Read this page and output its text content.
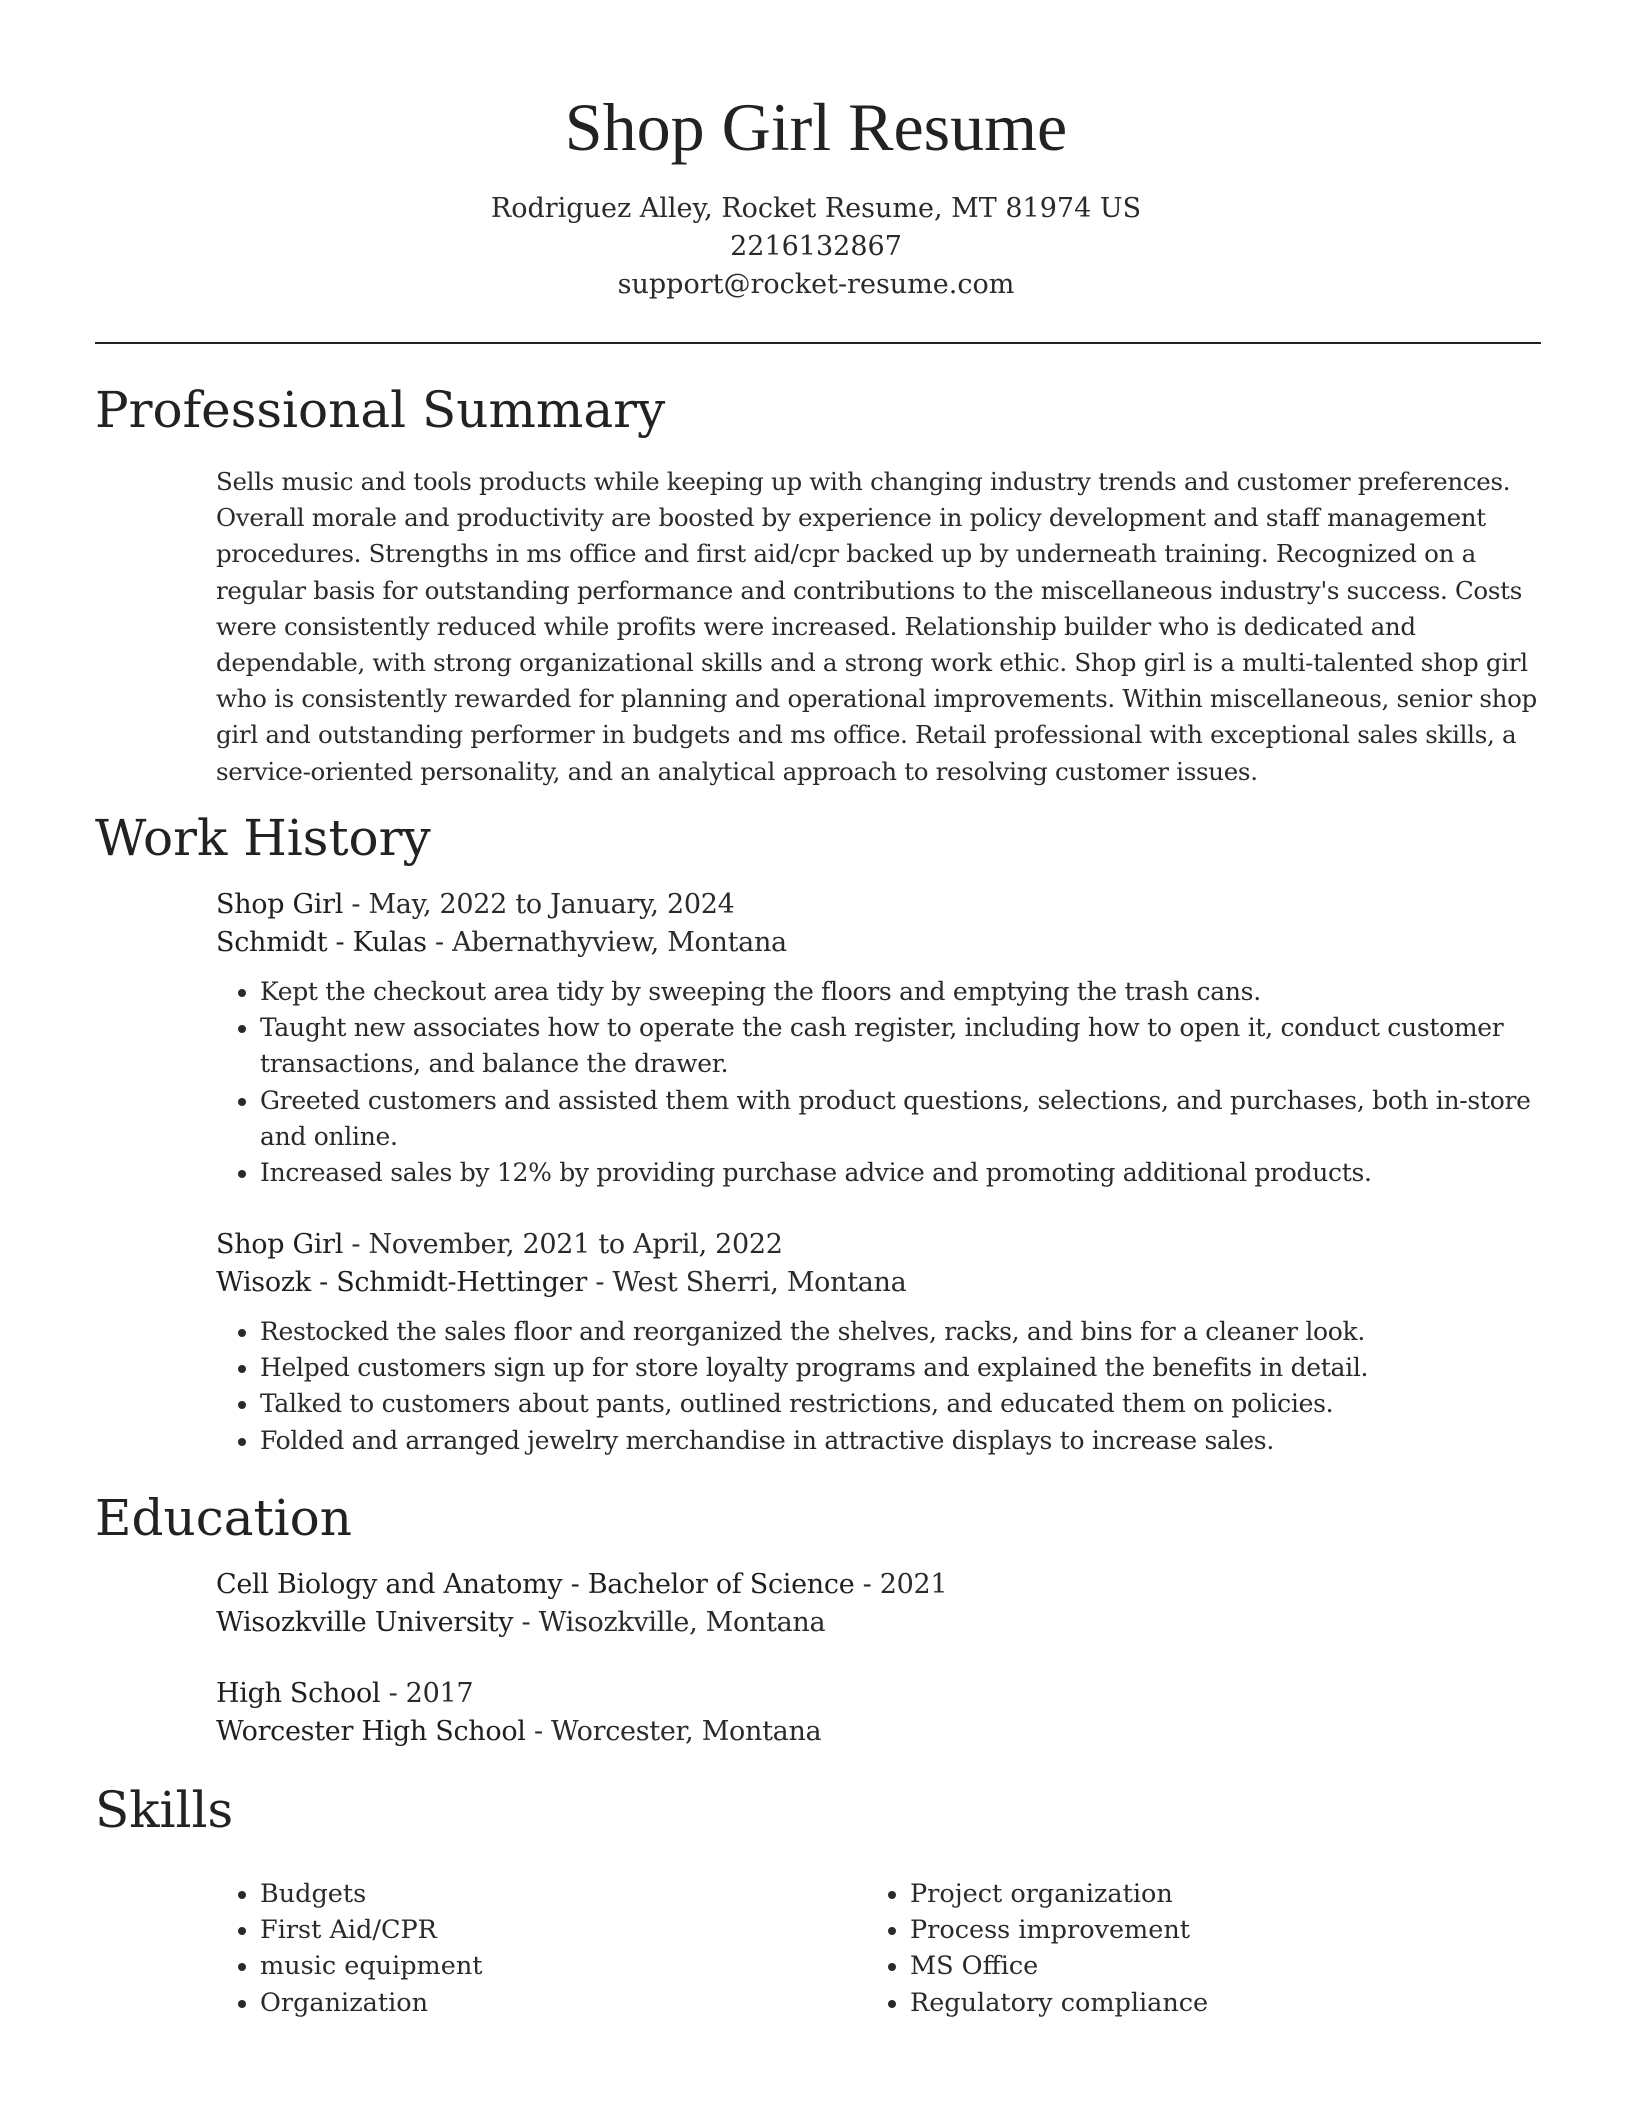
Shop Girl Resume
Rodriguez Alley, Rocket Resume, MT 81974 US
2216132867
support@rocket-resume.com
Professional Summary

Sells music and tools products while keeping up with changing industry trends and customer preferences. Overall morale and productivity are boosted by experience in policy development and staff management procedures. Strengths in ms office and first aid/cpr backed up by underneath training. Recognized on a regular basis for outstanding performance and contributions to the miscellaneous industry's success. Costs were consistently reduced while profits were increased. Relationship builder who is dedicated and dependable, with strong organizational skills and a strong work ethic. Shop girl is a multi-talented shop girl who is consistently rewarded for planning and operational improvements. Within miscellaneous, senior shop girl and outstanding performer in budgets and ms office. Retail professional with exceptional sales skills, a service-oriented personality, and an analytical approach to resolving customer issues.

Work History
Shop Girl - May, 2022 to January, 2024
Schmidt - Kulas - Abernathyview, Montana
• Kept the checkout area tidy by sweeping the floors and emptying the trash cans.
• Taught new associates how to operate the cash register, including how to open it, conduct customer transactions, and balance the drawer.
• Greeted customers and assisted them with product questions, selections, and purchases, both in-store and online.
• Increased sales by 12% by providing purchase advice and promoting additional products.
Shop Girl - November, 2021 to April, 2022
Wisozk - Schmidt-Hettinger - West Sherri, Montana
• Restocked the sales floor and reorganized the shelves, racks, and bins for a cleaner look.
• Helped customers sign up for store loyalty programs and explained the benefits in detail.
• Talked to customers about pants, outlined restrictions, and educated them on policies.
• Folded and arranged jewelry merchandise in attractive displays to increase sales.
Education
Cell Biology and Anatomy - Bachelor of Science - 2021
Wisozkville University - Wisozkville, Montana
High School - 2017
Worcester High School - Worcester, Montana
Skills
• Budgets
• First Aid/CPR
• music equipment
• Organization
• Project organization
• Process improvement
• MS Office
• Regulatory compliance
